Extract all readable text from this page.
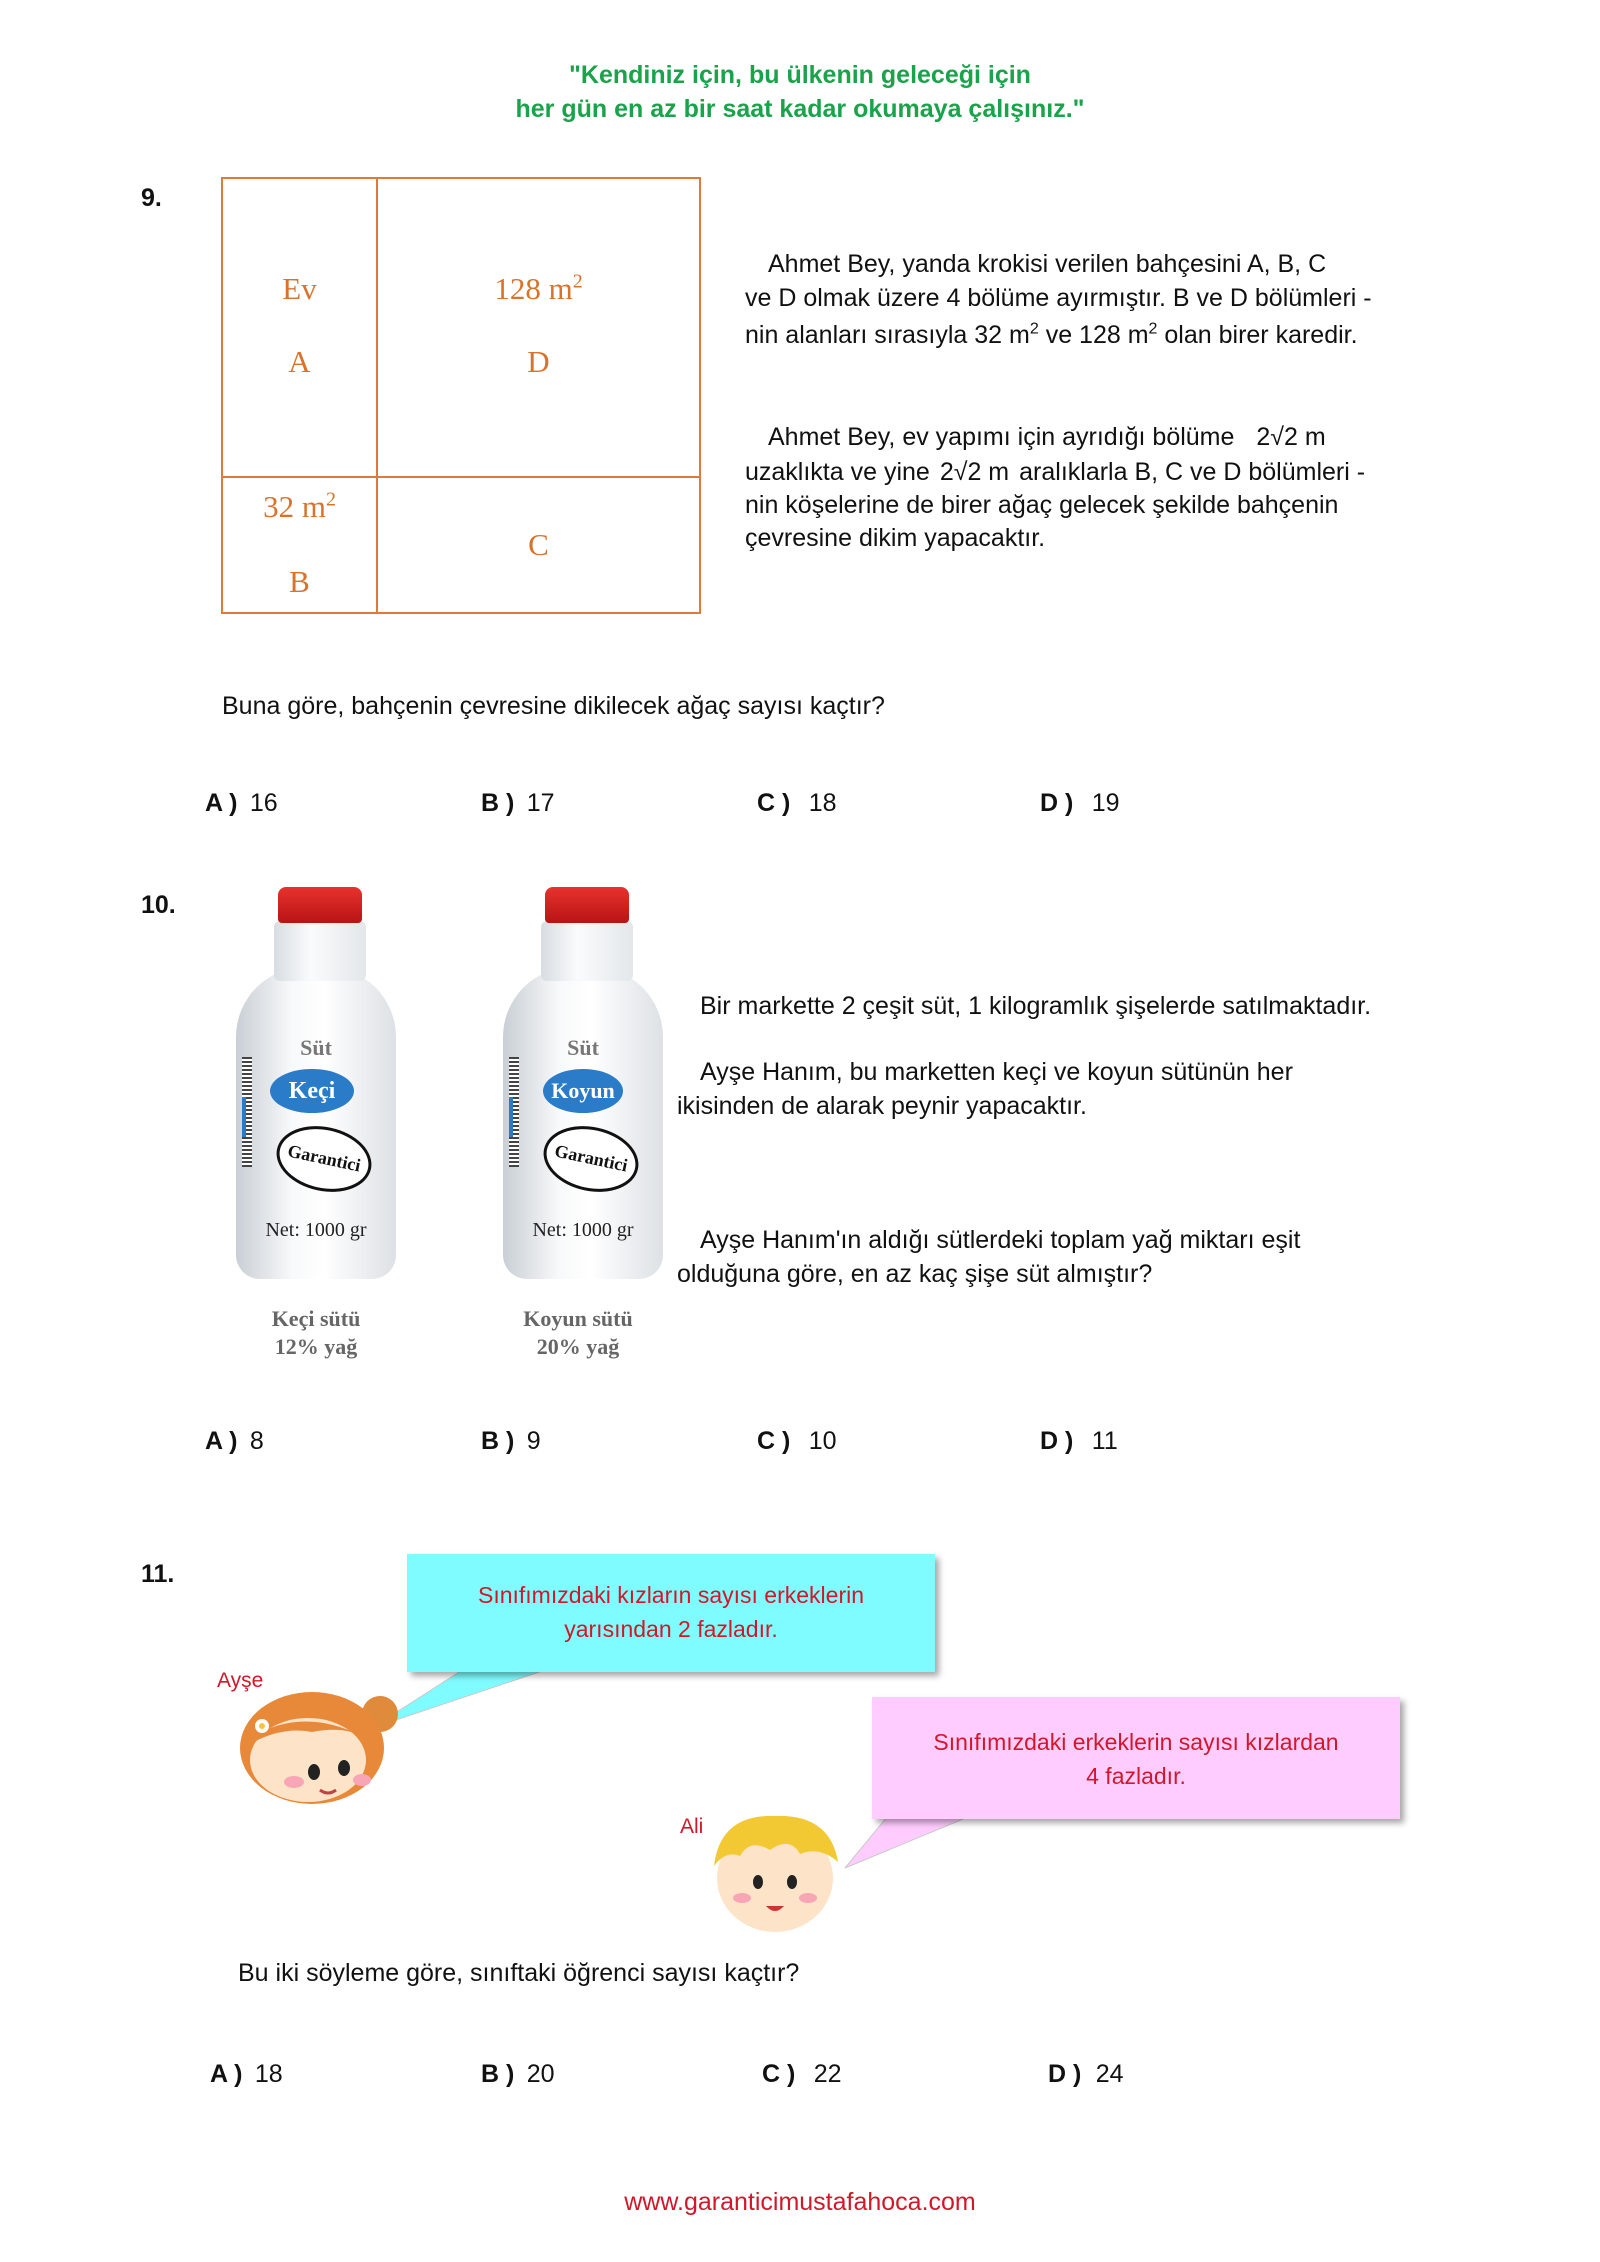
"Kendiniz için, bu ülkenin geleceği için
her gün en az bir saat kadar okumaya çalışınız."
9.
Ev
A
128 $m^2$
D
32 $m^2$
C
B
Ahmet Bey, yanda krokisi verilen bahçesini A, B, C
ve D olmak üzere 4 bölüme ayırmıştır. B ve D bölümleri -
nin alanları sırasıyla 32 $m^2$ ve 128 $m^2$ olan birer karedir.
Ahmet Bey, ev yapımı için ayrıdığı bölüme 2√2 m
uzaklıkta ve yine 2√2 m aralıklarla B, C ve D bölümleri -
nin köşelerine de birer ağaç gelecek şekilde bahçenin
çevresine dikim yapacaktır.
Buna göre, bahçenin çevresine dikilecek ağaç sayısı kaçtır?
A ) 16	B ) 17	C ) 18	D ) 19
10.
Süt
Keçi
Garantici
Net: 1000 gr
Keçi sütü
12% yağ
Süt
Koyun
Garantici
Net: 1000 gr
Koyun sütü
20% yağ
Bir markette 2 çeşit süt, 1 kilogramlık şişelerde satılmaktadır.
Ayşe Hanım, bu marketten keçi ve koyun sütünün her
ikisinden de alarak peynir yapacaktır.
Ayşe Hanım'ın aldığı sütlerdeki toplam yağ miktarı eşit
olduğuna göre, en az kaç şişe süt almıştır?
A ) 8	B ) 9	C ) 10	D ) 11
11.
Sınıfımızdaki kızların sayısı erkeklerin
yarısından 2 fazladır.
Sınıfımızdaki erkeklerin sayısı kızlardan
4 fazladır.
Ayşe
Ali
Bu iki söyleme göre, sınıftaki öğrenci sayısı kaçtır?
A ) 18	B ) 20	C ) 22	D ) 24
www.garanticimustafahoca.com
